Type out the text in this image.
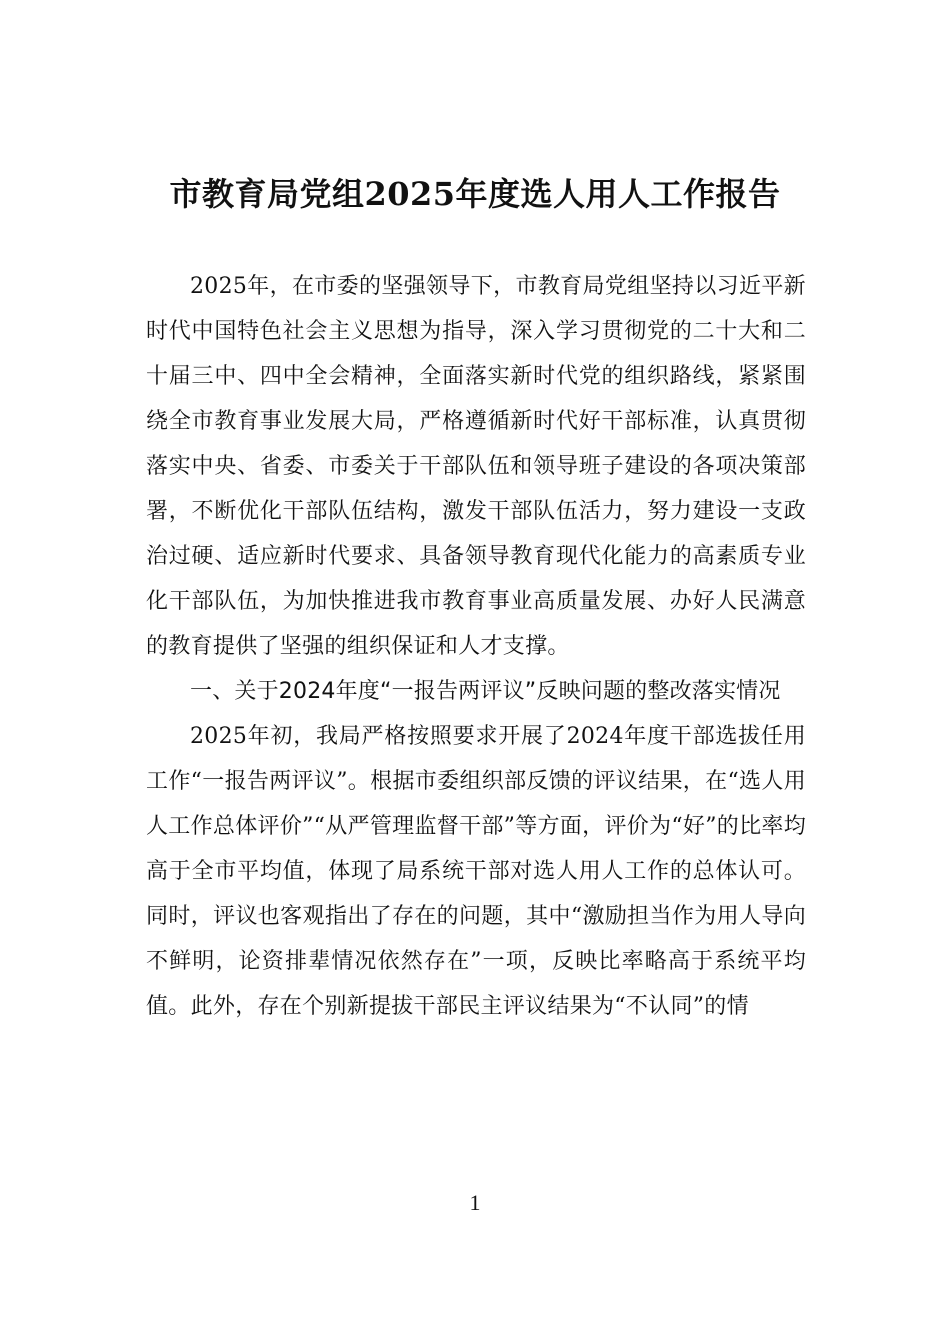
市教育局党组2025年度选人用人工作报告

2025年，在市委的坚强领导下，市教育局党组坚持以习近平新时代中国特色社会主义思想为指导，深入学习贯彻党的二十大和二十届三中、四中全会精神，全面落实新时代党的组织路线，紧紧围绕全市教育事业发展大局，严格遵循新时代好干部标准，认真贯彻落实中央、省委、市委关于干部队伍和领导班子建设的各项决策部署，不断优化干部队伍结构，激发干部队伍活力，努力建设一支政治过硬、适应新时代要求、具备领导教育现代化能力的高素质专业化干部队伍，为加快推进我市教育事业高质量发展、办好人民满意的教育提供了坚强的组织保证和人才支撑。

一、关于2024年度“一报告两评议”反映问题的整改落实情况

2025年初，我局严格按照要求开展了2024年度干部选拔任用工作“一报告两评议”。根据市委组织部反馈的评议结果，在“选人用人工作总体评价”“从严管理监督干部”等方面，评价为“好”的比率均高于全市平均值，体现了局系统干部对选人用人工作的总体认可。同时，评议也客观指出了存在的问题，其中“激励担当作为用人导向不鲜明，论资排辈情况依然存在”一项，反映比率略高于系统平均值。此外，存在个别新提拔干部民主评议结果为“不认同”的情

1
